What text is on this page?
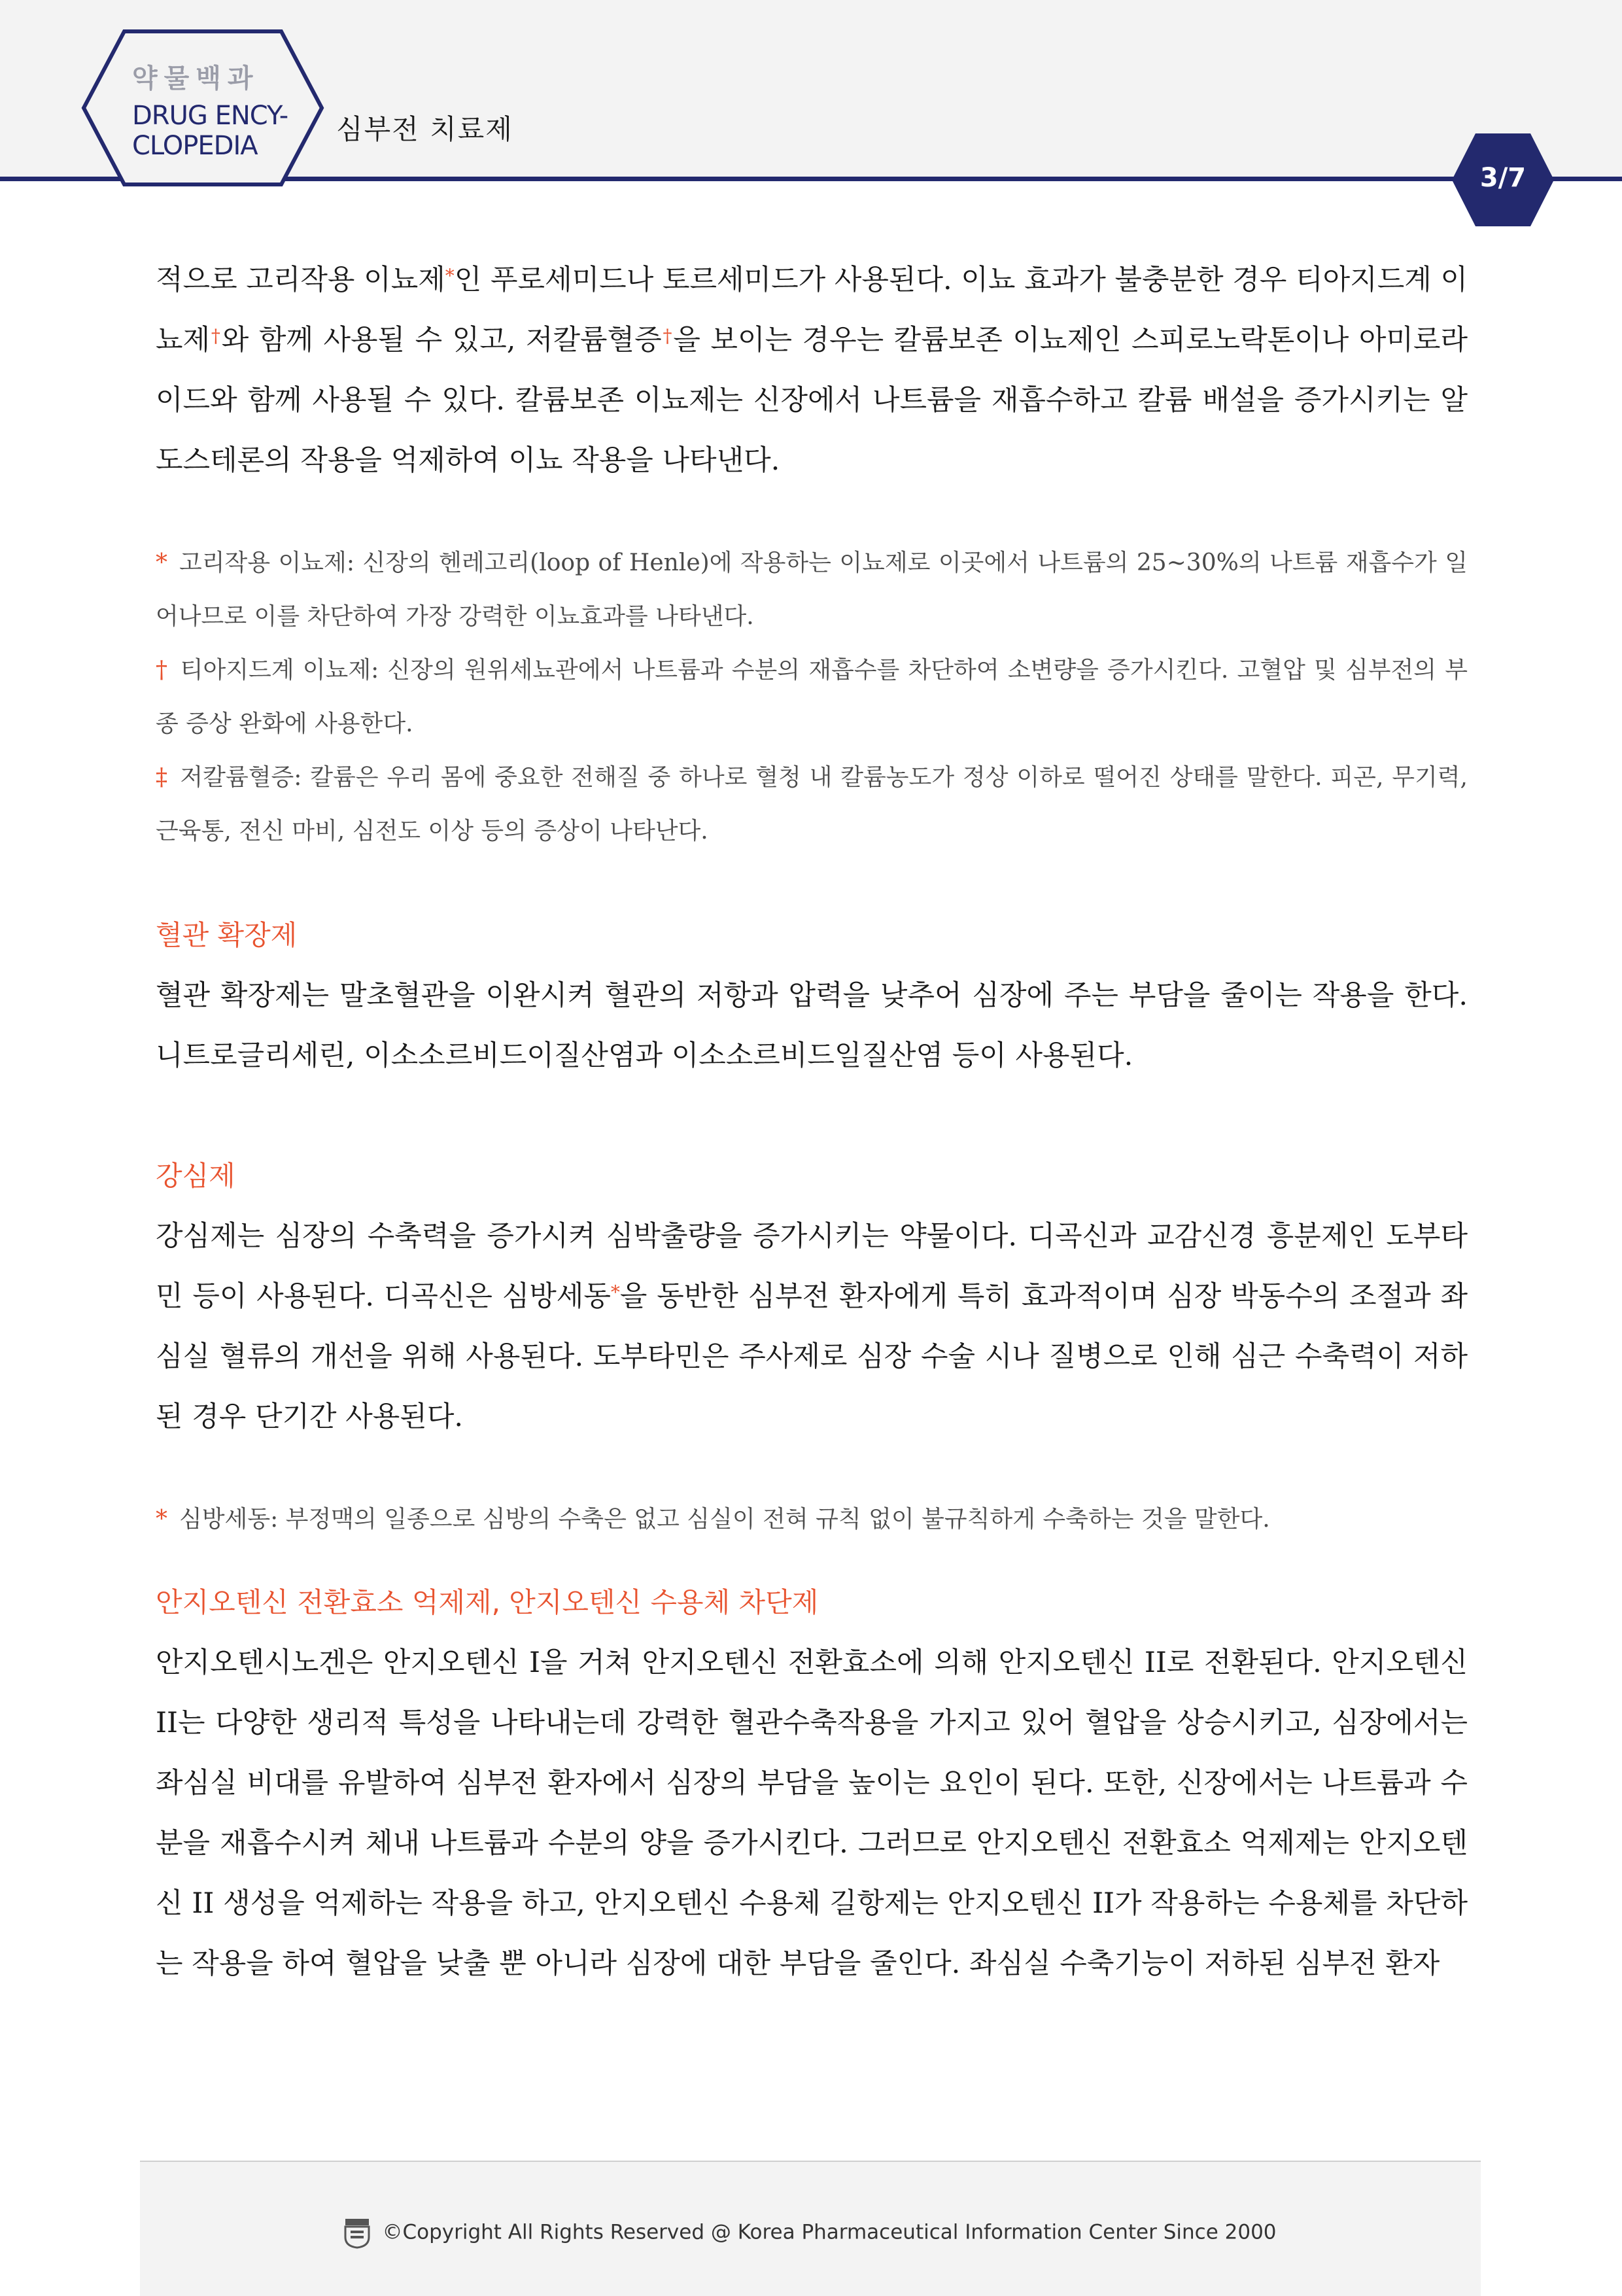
약물백과
DRUG ENCY-
CLOPEDIA
심부전 치료제
3/7

적으로 고리작용 이뇨제*인 푸로세미드나 토르세미드가 사용된다. 이뇨 효과가 불충분한 경우 티아지드계 이뇨제†와 함께 사용될 수 있고, 저칼륨혈증†을 보이는 경우는 칼륨보존 이뇨제인 스피로노락톤이나 아미로라이드와 함께 사용될 수 있다. 칼륨보존 이뇨제는 신장에서 나트륨을 재흡수하고 칼륨 배설을 증가시키는 알도스테론의 작용을 억제하여 이뇨 작용을 나타낸다.

* 고리작용 이뇨제: 신장의 헨레고리(loop of Henle)에 작용하는 이뇨제로 이곳에서 나트륨의 25~30%의 나트륨 재흡수가 일어나므로 이를 차단하여 가장 강력한 이뇨효과를 나타낸다.

† 티아지드계 이뇨제: 신장의 원위세뇨관에서 나트륨과 수분의 재흡수를 차단하여 소변량을 증가시킨다. 고혈압 및 심부전의 부종 증상 완화에 사용한다.

‡ 저칼륨혈증: 칼륨은 우리 몸에 중요한 전해질 중 하나로 혈청 내 칼륨농도가 정상 이하로 떨어진 상태를 말한다. 피곤, 무기력, 근육통, 전신 마비, 심전도 이상 등의 증상이 나타난다.

혈관 확장제

혈관 확장제는 말초혈관을 이완시켜 혈관의 저항과 압력을 낮추어 심장에 주는 부담을 줄이는 작용을 한다. 니트로글리세린, 이소소르비드이질산염과 이소소르비드일질산염 등이 사용된다.

강심제

강심제는 심장의 수축력을 증가시켜 심박출량을 증가시키는 약물이다. 디곡신과 교감신경 흥분제인 도부타민 등이 사용된다. 디곡신은 심방세동*을 동반한 심부전 환자에게 특히 효과적이며 심장 박동수의 조절과 좌심실 혈류의 개선을 위해 사용된다. 도부타민은 주사제로 심장 수술 시나 질병으로 인해 심근 수축력이 저하된 경우 단기간 사용된다.

* 심방세동: 부정맥의 일종으로 심방의 수축은 없고 심실이 전혀 규칙 없이 불규칙하게 수축하는 것을 말한다.

안지오텐신 전환효소 억제제, 안지오텐신 수용체 차단제

안지오텐시노겐은 안지오텐신 I을 거쳐 안지오텐신 전환효소에 의해 안지오텐신 II로 전환된다. 안지오텐신 II는 다양한 생리적 특성을 나타내는데 강력한 혈관수축작용을 가지고 있어 혈압을 상승시키고, 심장에서는 좌심실 비대를 유발하여 심부전 환자에서 심장의 부담을 높이는 요인이 된다. 또한, 신장에서는 나트륨과 수분을 재흡수시켜 체내 나트륨과 수분의 양을 증가시킨다. 그러므로 안지오텐신 전환효소 억제제는 안지오텐신 II 생성을 억제하는 작용을 하고, 안지오텐신 수용체 길항제는 안지오텐신 II가 작용하는 수용체를 차단하는 작용을 하여 혈압을 낮출 뿐 아니라 심장에 대한 부담을 줄인다. 좌심실 수축기능이 저하된 심부전 환자

©Copyright All Rights Reserved @ Korea Pharmaceutical Information Center Since 2000
